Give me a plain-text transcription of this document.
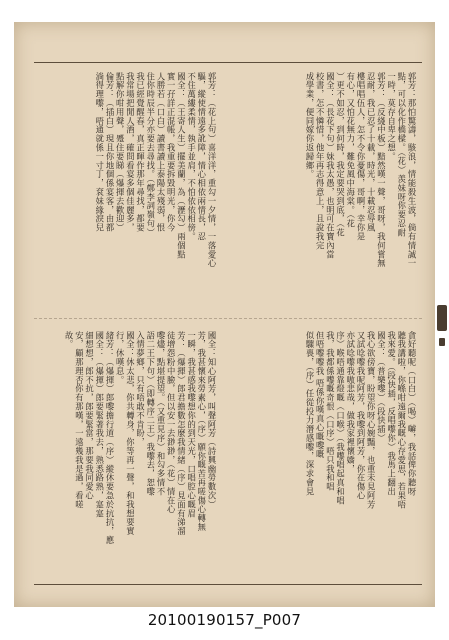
郭芳：那怕驚濤，駭浪，情能殺生波，倘有情誠一
點，可以化作橋樑。（花）羡妹呀你要忍耐
一時，莫存自卑之想。
郭芳：（反綫中板）黯然嘆一聲，哥呀，我何嘗無
忍耐，我已忍了十載，時光，十載忍辱風
樓唱唱伍人，怎不令你憂傷，哥啊，幸你是
有心，又怕花無力，難免風中海棠。（花
）更不如忍，到何時，我定要哭到底，（花
國全：（長花下句）妹我太愚，也明可在寶內當
校書，怎不憐惜，他年再志得意上，且說我完
成學業，便同嫁你返歸鄉。
郭芳：（花上句）喜洋洋，重勾一夕情，一落愛心
驅，縱使情遠多訛障，情心相依兩情長，忍
不住萬縷柔情，執手並肩，不怕依依相傍。
國全：（王寄人生）擺美蘭，為（瀝勾）兩個點
實一孖詳正混帳，我重要拆毀明光，你今
人勝若（口白）讀書讀上泰陽太殘弱，恨
住你時辰半分亦要去尋找。（鄭李詞嶺句）
我已經覺醒春，真正暉作那年尋找，都要
我常場把閒人酒，確問看宴多個佳麗多，
點解你咁用聲，蹙住要睇（爆揮去歡迎）
倫芳：（插白）現且你地個係宴客，由都
淌得理嚟，唔通就係一寸丁，袞妹緣淚兒
貪好聽呢（口白）（喝）嚹，我話俾你聽呀
聽我講啦，你喺咁遠爾我嘅心存愛思，若果唔
我來愛。（段快插，反唱嚟你）我馬上翻出
國全：（普樂嚟）（段快插）
我心欲傍寶，盼望你呀心婉豔，也重未見阿芳
又試唸嚟我呢阿芳，我嚟到阿芳，你在傷心
亦試唸嚟我嗷悲哉，做我家裡懷嬌，
序）喉唔通靠燈嘅（口喉）（我嚟唱起真和唱
我，我都係嚟嘅奇恨（口序）唔只我和唱
但唔嚟嚟我 唔係你嘆真心嘅嚟嘅
似驟喪，（序）任從投力潛感嚟，深求會見
國全：知心阿芳，叫聲阿芳（詩興幽勞數次）
芳，我甚懷來勞素心，（序）願你嘅苦再嗟傷心轉無
一瞬，我甚感我嚟想你的到天光，口唱腔心嘅眉
芳：（爆揮）郎君擔數怎麼我情緒（序）見面有涕溜
徒增怨粉中臉，但以安一去渺渺，（花）情在心
嚟燼，點堪提望。（又重見序）和勾多情不
語二王下句）（即轉序二王）我嚟去，恕嚟
入情夢鄉，只有唔敢不肯盼，
國全：休太悲，你共轉身，你等再一聲，和我想要實
行，休嘆息。
緒芳：（爆揮）郎嚟擔行道（序）縱休要急於抗抗，應
國全：（爆揮）郎要緊著我去，熟悉路熟，寔寔
細想想，郎不抗，郎要緊當，那要我同愛心
安，顧那理否你有那嘆，一遠幾我是過，看嗟
故。
20100190157_P007
